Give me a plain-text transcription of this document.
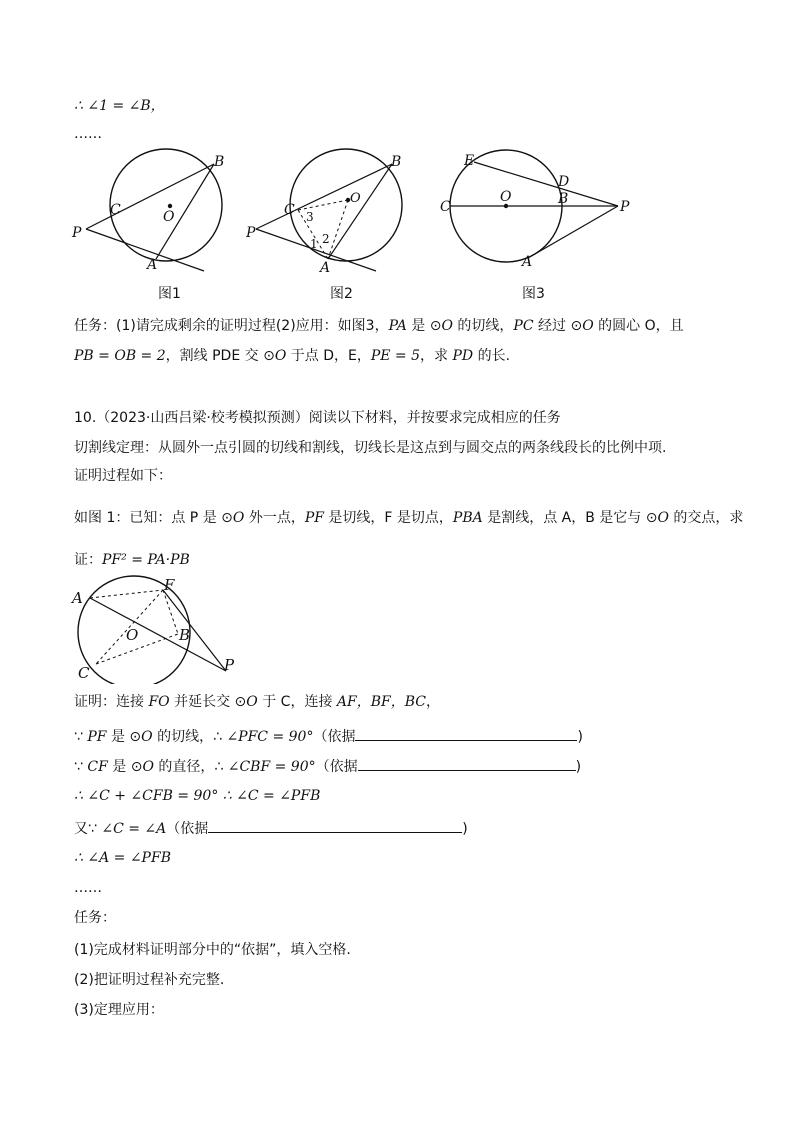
∴ ∠1 = ∠B，
……
B
C	O
P
A
图1
B
C
O
P
A
1 2
3
图2
E
D
C
O	B	P
A
图3
任务：(1)请完成剩余的证明过程(2)应用：如图3，PA 是 ⊙O 的切线，PC 经过 ⊙O 的圆心 O，且
PB = OB = 2，割线 PDE 交 ⊙O 于点 D，E，PE = 5，求 PD 的长.
10.（2023·山西吕梁·校考模拟预测）阅读以下材料，并按要求完成相应的任务
切割线定理：从圆外一点引圆的切线和割线，切线长是这点到与圆交点的两条线段长的比例中项.
证明过程如下：
如图 1：已知：点 P 是 ⊙O 外一点，PF 是切线，F 是切点，PBA 是割线，点 A，B 是它与 ⊙O 的交点，求
证：PF² = PA·PB
A
F
O	B
C	P
证明：连接 FO 并延长交 ⊙O 于 C，连接 AF，BF，BC，
∵ PF 是 ⊙O 的切线，∴ ∠PFC = 90°（依据	)
∵ CF 是 ⊙O 的直径，∴ ∠CBF = 90°（依据	)
∴ ∠C + ∠CFB = 90° ∴ ∠C = ∠PFB
又∵ ∠C = ∠A（依据	)
∴ ∠A = ∠PFB
……
任务：
(1)完成材料证明部分中的“依据”，填入空格.
(2)把证明过程补充完整.
(3)定理应用：
